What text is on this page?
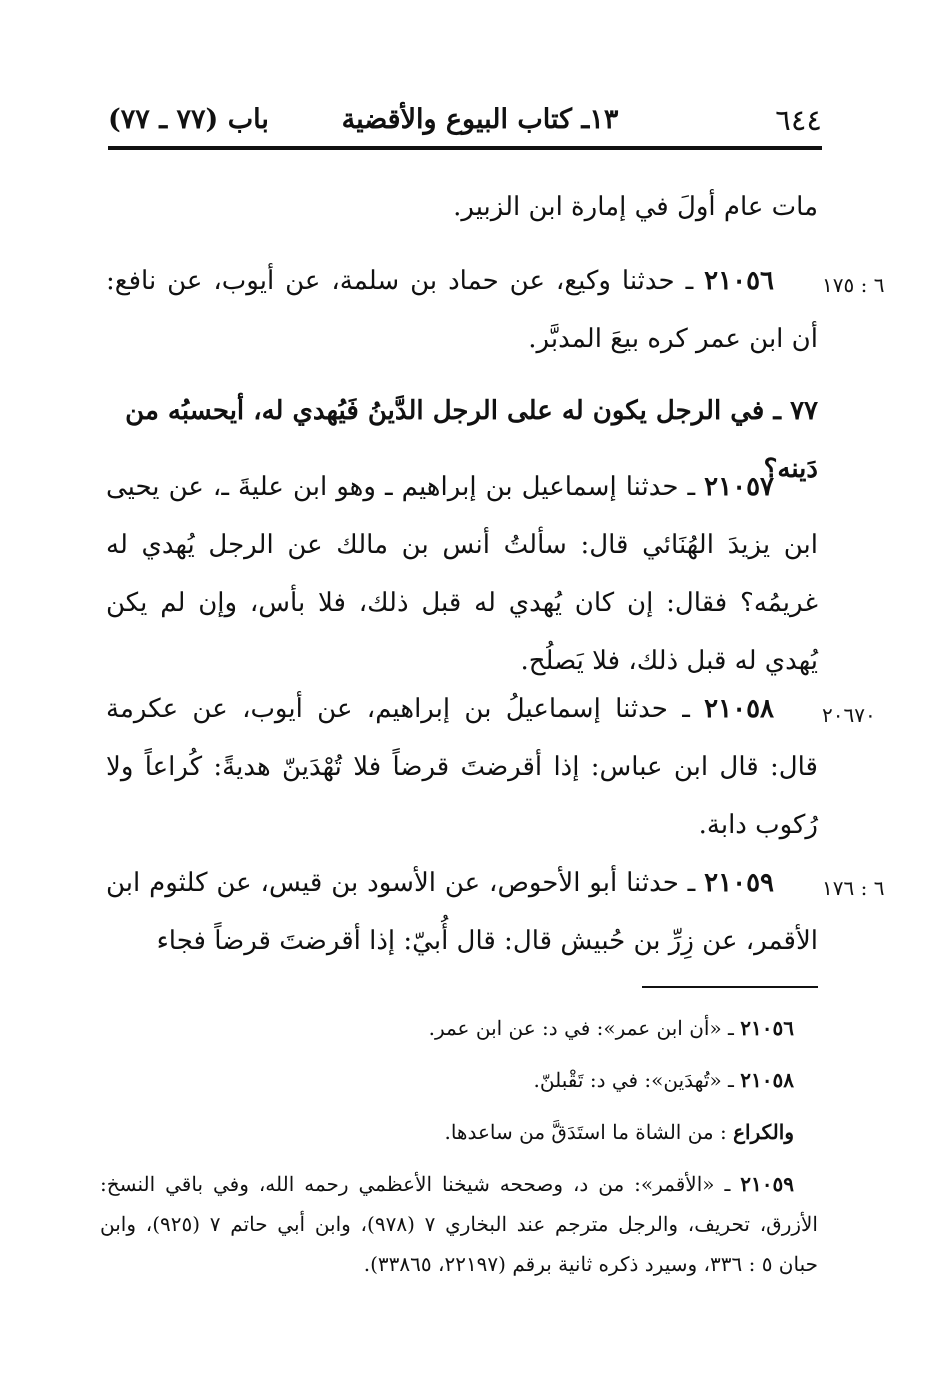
٦٤٤
١٣ـ كتاب البيوع والأقضية
باب (٧٧ ـ ٧٧)
مات عام أولَ في إمارة ابن الزبير.
٦ : ١٧٥
٢١٠٥٦ ـ حدثنا وكيع، عن حماد بن سلمة، عن أيوب، عن نافع: أن ابن عمر كره بيعَ المدبَّر.
٧٧ ـ في الرجل يكون له على الرجل الدَّينُ فَيُهدي له، أيحسبُه من دَينه؟
٢١٠٥٧ ـ حدثنا إسماعيل بن إبراهيم ـ وهو ابن عليةَ ـ، عن يحيى ابن يزيدَ الهُنَائي قال: سألتُ أنس بن مالك عن الرجل يُهدي له غريمُه؟ فقال: إن كان يُهدي له قبل ذلك، فلا بأس، وإن لم يكن يُهدي له قبل ذلك، فلا يَصلُح.
٢٠٦٧٠
٢١٠٥٨ ـ حدثنا إسماعيلُ بن إبراهيم، عن أيوب، عن عكرمة قال: قال ابن عباس: إذا أقرضتَ قرضاً فلا تُهْدَينّ هديةً: كُراعاً ولا رُكوب دابة.
٦ : ١٧٦
٢١٠٥٩ ـ حدثنا أبو الأحوص، عن الأسود بن قيس، عن كلثوم ابن الأقمر، عن زِرِّ بن حُبيش قال: قال أُبيّ: إذا أقرضتَ قرضاً فجاء
٢١٠٥٦ ـ «أن ابن عمر»: في د: عن ابن عمر.
٢١٠٥٨ ـ «تُهدَين»: في د: تَقْبلنّ.
والكراع : من الشاة ما استَدَقَّ من ساعدها.
٢١٠٥٩ ـ «الأقمر»: من د، وصححه شيخنا الأعظمي رحمه الله، وفي باقي النسخ: الأزرق، تحريف، والرجل مترجم عند البخاري ٧ (٩٧٨)، وابن أبي حاتم ٧ (٩٢٥)، وابن حبان ٥ : ٣٣٦، وسيرد ذكره ثانية برقم (٢٢١٩٧، ٣٣٨٦٥).
